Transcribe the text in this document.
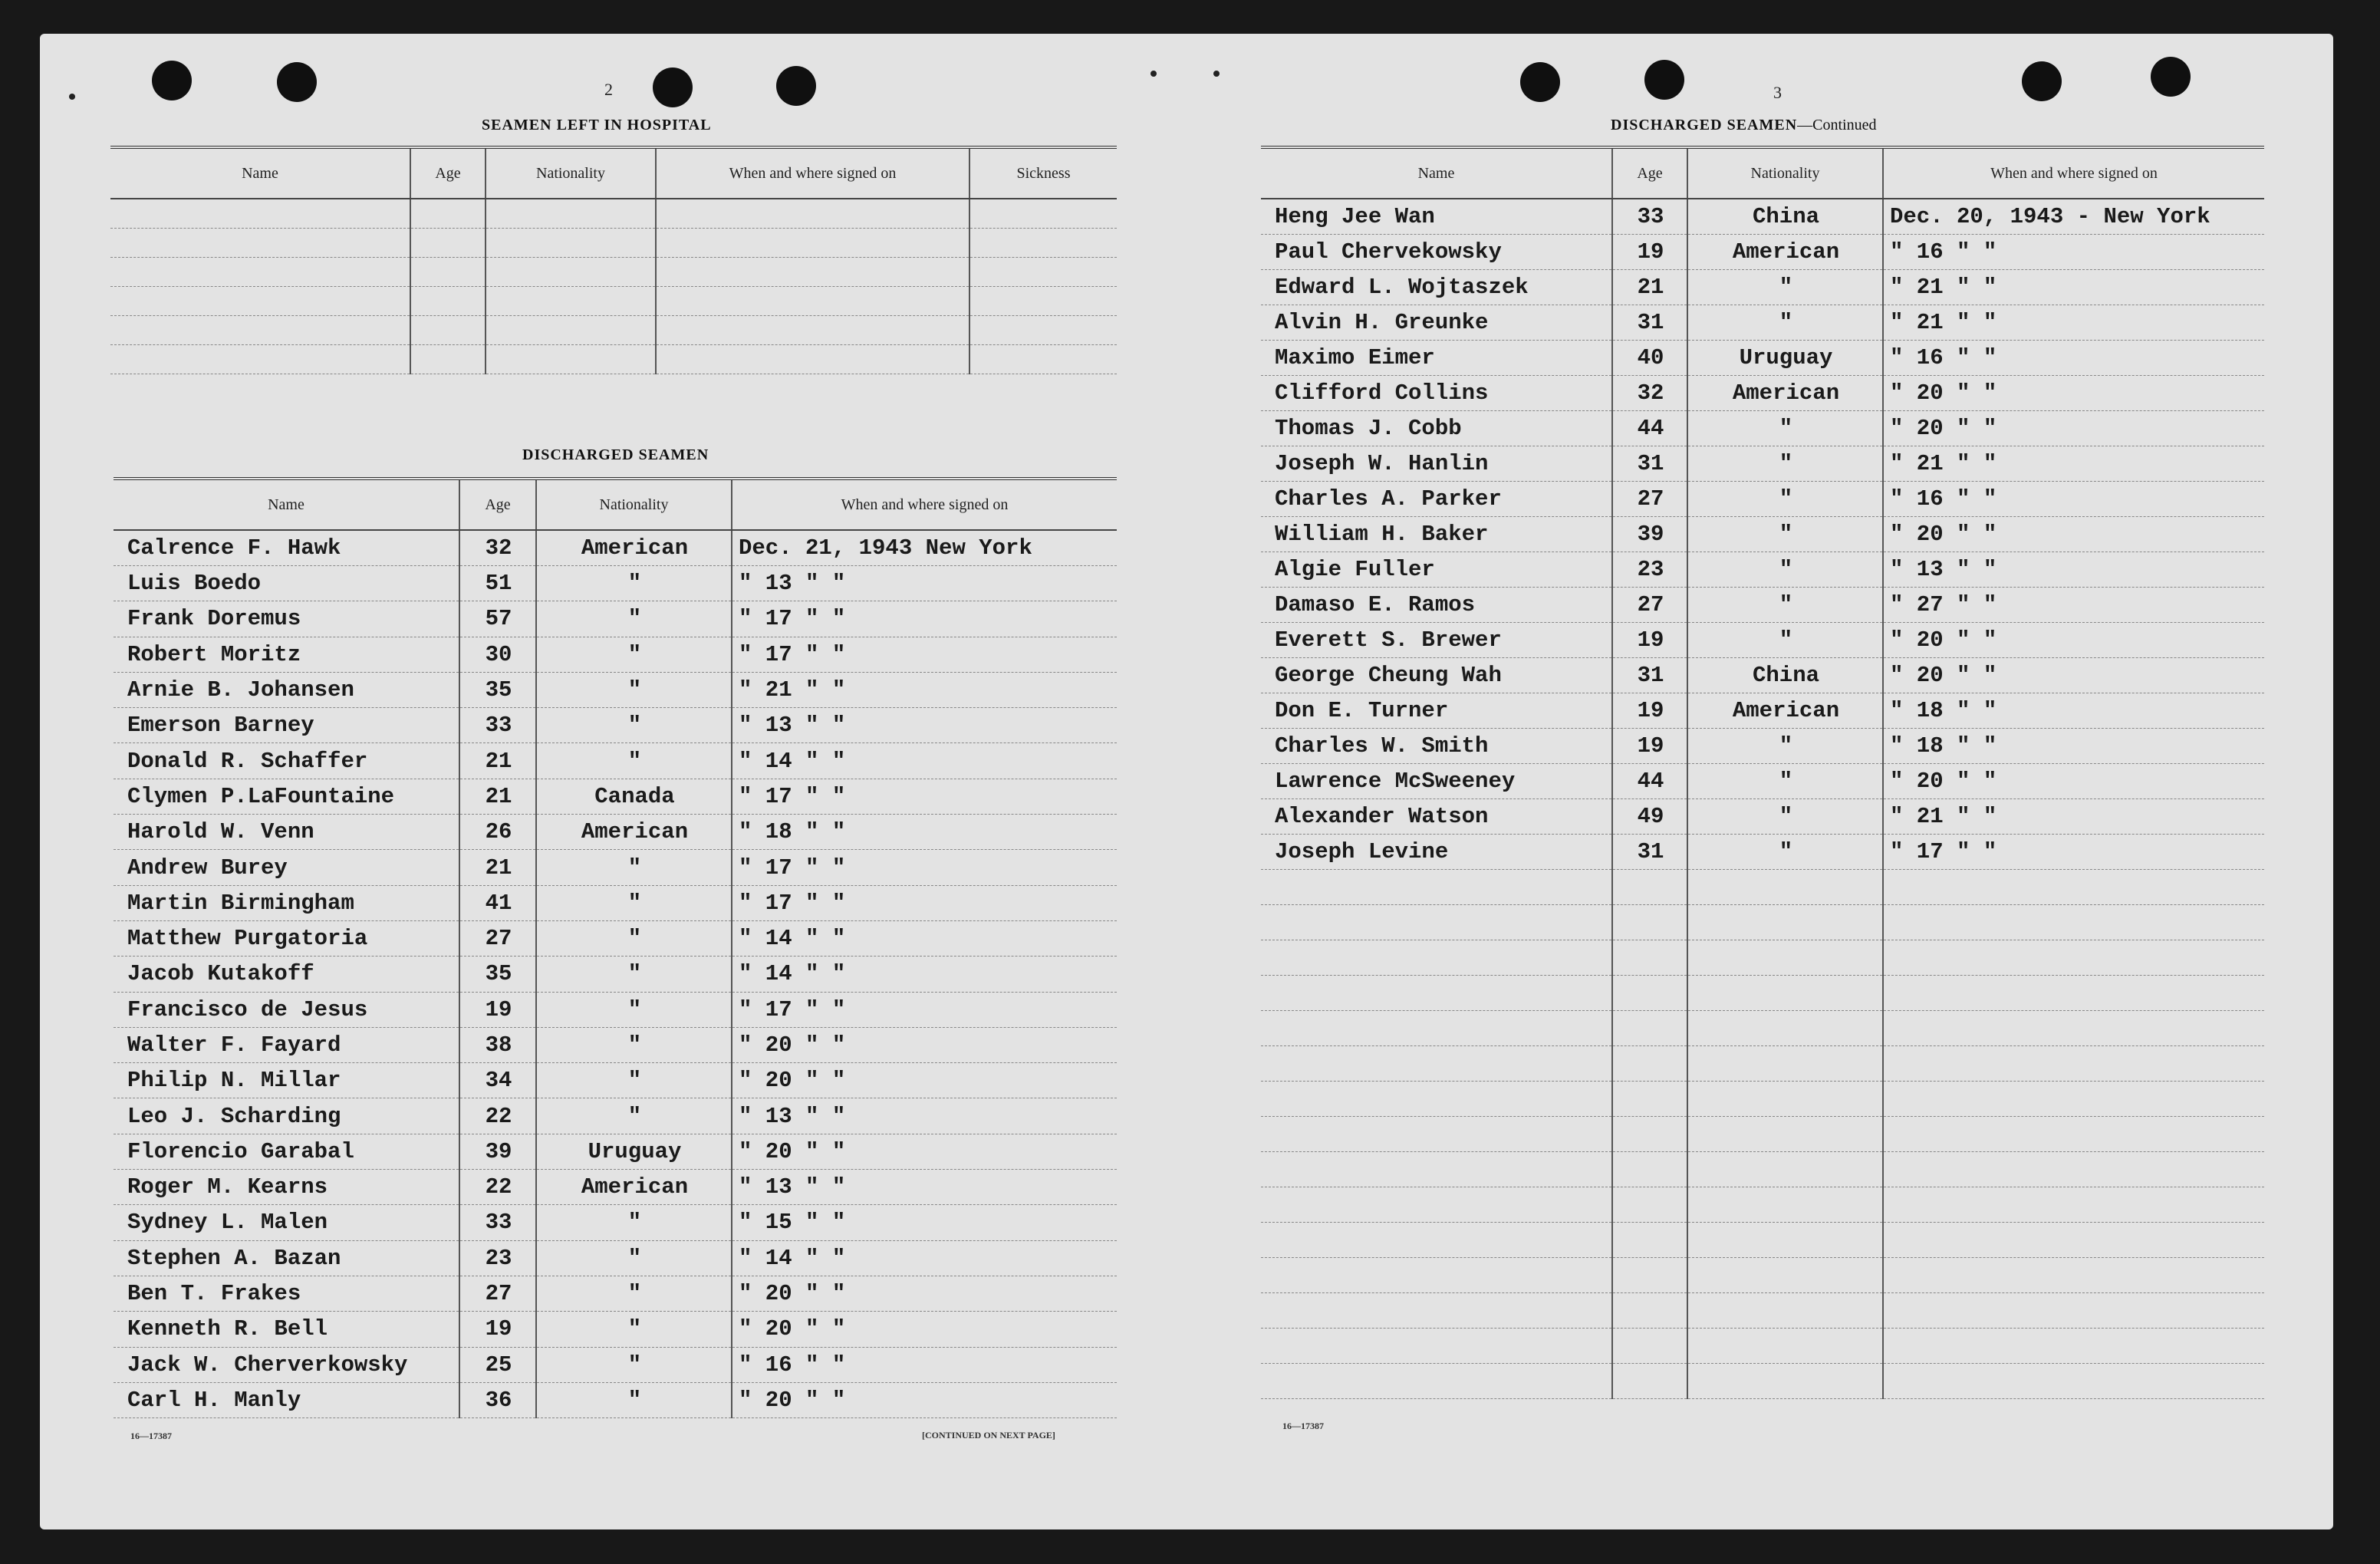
2
SEAMEN LEFT IN HOSPITAL
Name	Age	Nationality	When and where signed on	Sickness

DISCHARGED SEAMEN
Name	Age	Nationality	When and where signed on
Calrence F. Hawk	32	American	Dec. 21, 1943 New York
Luis Boedo	51	"	" 13 " "
Frank Doremus	57	"	" 17 " "
Robert Moritz	30	"	" 17 " "
Arnie B. Johansen	35	"	" 21 " "
Emerson Barney	33	"	" 13 " "
Donald R. Schaffer	21	"	" 14 " "
Clymen P.LaFountaine	21	Canada	" 17 " "
Harold W. Venn	26	American	" 18 " "
Andrew Burey	21	"	" 17 " "
Martin Birmingham	41	"	" 17 " "
Matthew Purgatoria	27	"	" 14 " "
Jacob Kutakoff	35	"	" 14 " "
Francisco de Jesus	19	"	" 17 " "
Walter F. Fayard	38	"	" 20 " "
Philip N. Millar	34	"	" 20 " "
Leo J. Scharding	22	"	" 13 " "
Florencio Garabal	39	Uruguay	" 20 " "
Roger M. Kearns	22	American	" 13 " "
Sydney L. Malen	33	"	" 15 " "
Stephen A. Bazan	23	"	" 14 " "
Ben T. Frakes	27	"	" 20 " "
Kenneth R. Bell	19	"	" 20 " "
Jack W. Cherverkowsky	25	"	" 16 " "
Carl H. Manly	36	"	" 20 " "
16—17387	[CONTINUED ON NEXT PAGE]
3
DISCHARGED SEAMEN—Continued
Name	Age	Nationality	When and where signed on
Heng Jee Wan	33	China	Dec. 20, 1943 - New York
Paul Chervekowsky	19	American	" 16 " "
Edward L. Wojtaszek	21	"	" 21 " "
Alvin H. Greunke	31	"	" 21 " "
Maximo Eimer	40	Uruguay	" 16 " "
Clifford Collins	32	American	" 20 " "
Thomas J. Cobb	44	"	" 20 " "
Joseph W. Hanlin	31	"	" 21 " "
Charles A. Parker	27	"	" 16 " "
William H. Baker	39	"	" 20 " "
Algie Fuller	23	"	" 13 " "
Damaso E. Ramos	27	"	" 27 " "
Everett S. Brewer	19	"	" 20 " "
George Cheung Wah	31	China	" 20 " "
Don E. Turner	19	American	" 18 " "
Charles W. Smith	19	"	" 18 " "
Lawrence McSweeney	44	"	" 20 " "
Alexander Watson	49	"	" 21 " "
Joseph Levine	31	"	" 17 " "

16—17387
